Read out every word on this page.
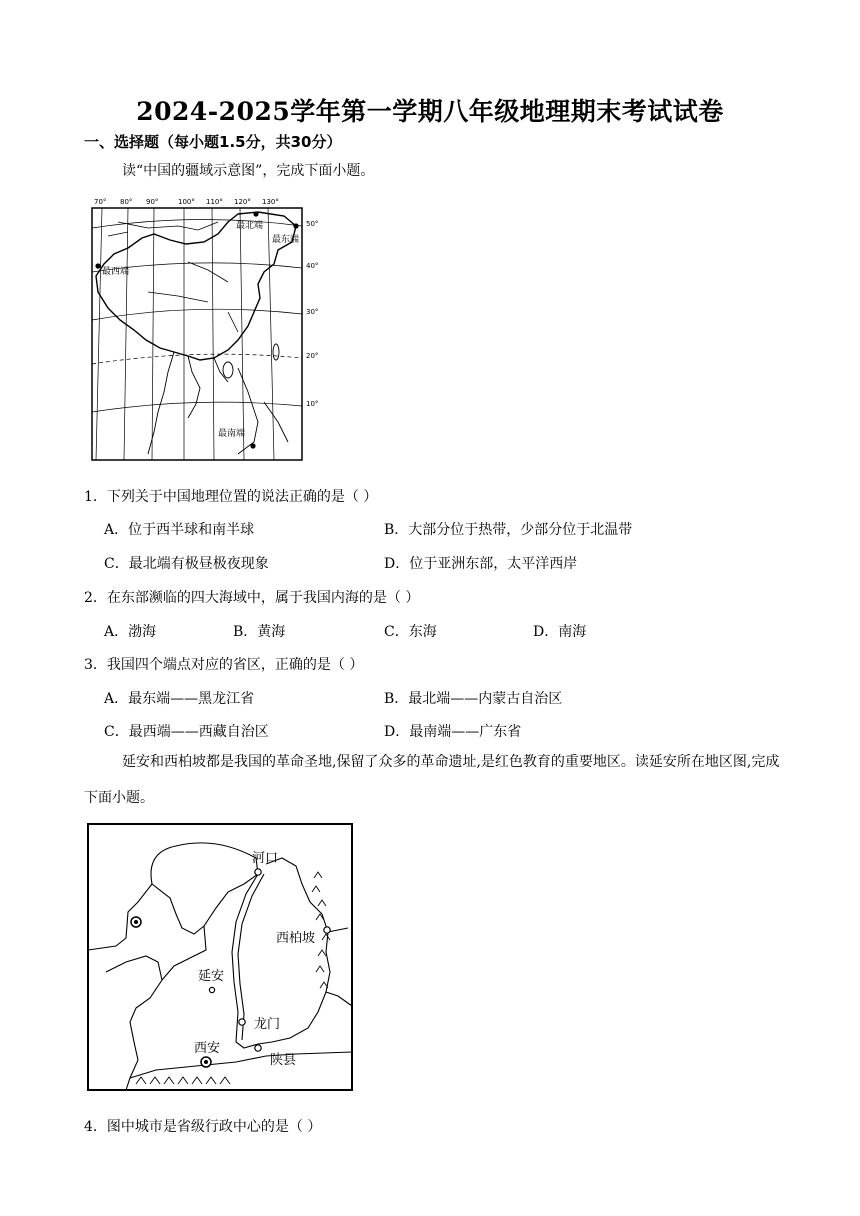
2024-2025学年第一学期八年级地理期末考试试卷
一、选择题（每小题1.5分，共30分）
读“中国的疆域示意图”，完成下面小题。
70° 80° 90°	100° 110° 120° 130°
50°
40°
30°
20°
10°
最北端
最东端
最西端
最南端
1．下列关于中国地理位置的说法正确的是（ ）
A．位于西半球和南半球	B．大部分位于热带，少部分位于北温带
C．最北端有极昼极夜现象	D．位于亚洲东部，太平洋西岸
2．在东部濒临的四大海域中，属于我国内海的是（ ）
A．渤海	B．黄海	C．东海	D．南海
3．我国四个端点对应的省区，正确的是（ ）
A．最东端——黑龙江省	B．最北端——内蒙古自治区
C．最西端——西藏自治区	D．最南端——广东省
延安和西柏坡都是我国的革命圣地,保留了众多的革命遗址,是红色教育的重要地区。读延安所在地区图,完成下面小题。
河口
西柏坡
延安
龙门
西安
陕县
4．图中城市是省级行政中心的是（ ）
